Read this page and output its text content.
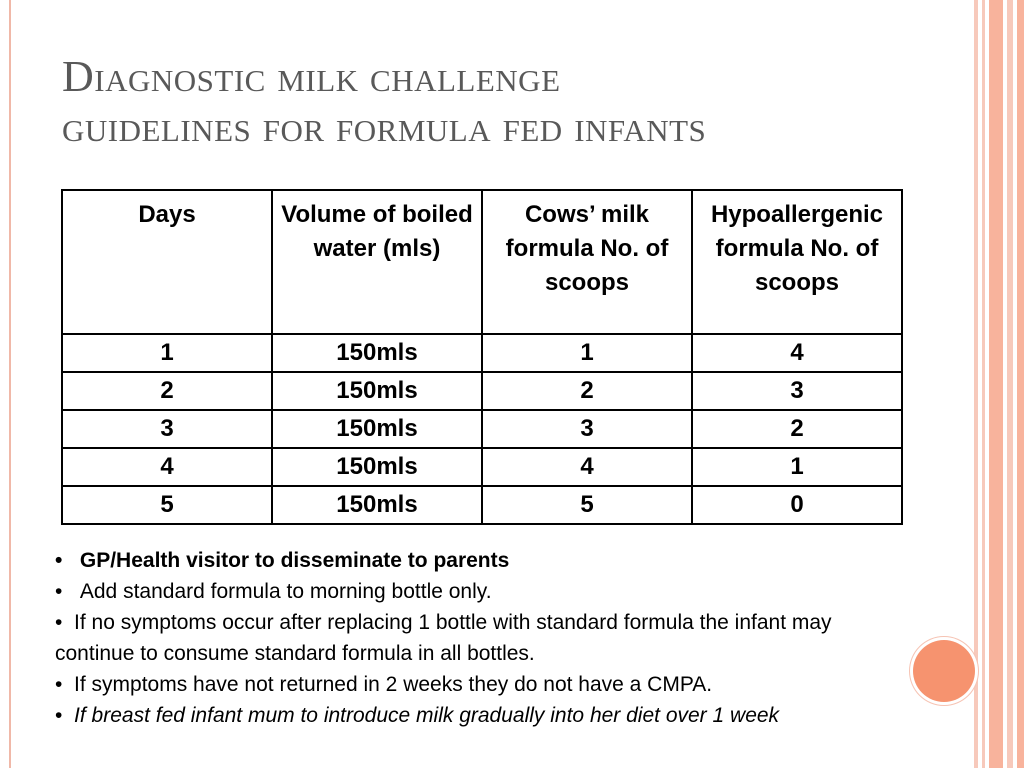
Diagnostic milk challenge
guidelines for formula fed infants
Days	Volume of boiled water (mls)	Cows’ milk formula No. of scoops	Hypoallergenic formula No. of scoops
1	150mls	1	4
2	150mls	2	3
3	150mls	3	2
4	150mls	4	1
5	150mls	5	0

• GP/Health visitor to disseminate to parents

• Add standard formula to morning bottle only.

• If no symptoms occur after replacing 1 bottle with standard formula the infant may continue to consume standard formula in all bottles.

• If symptoms have not returned in 2 weeks they do not have a CMPA.

• If breast fed infant mum to introduce milk gradually into her diet over 1 week
